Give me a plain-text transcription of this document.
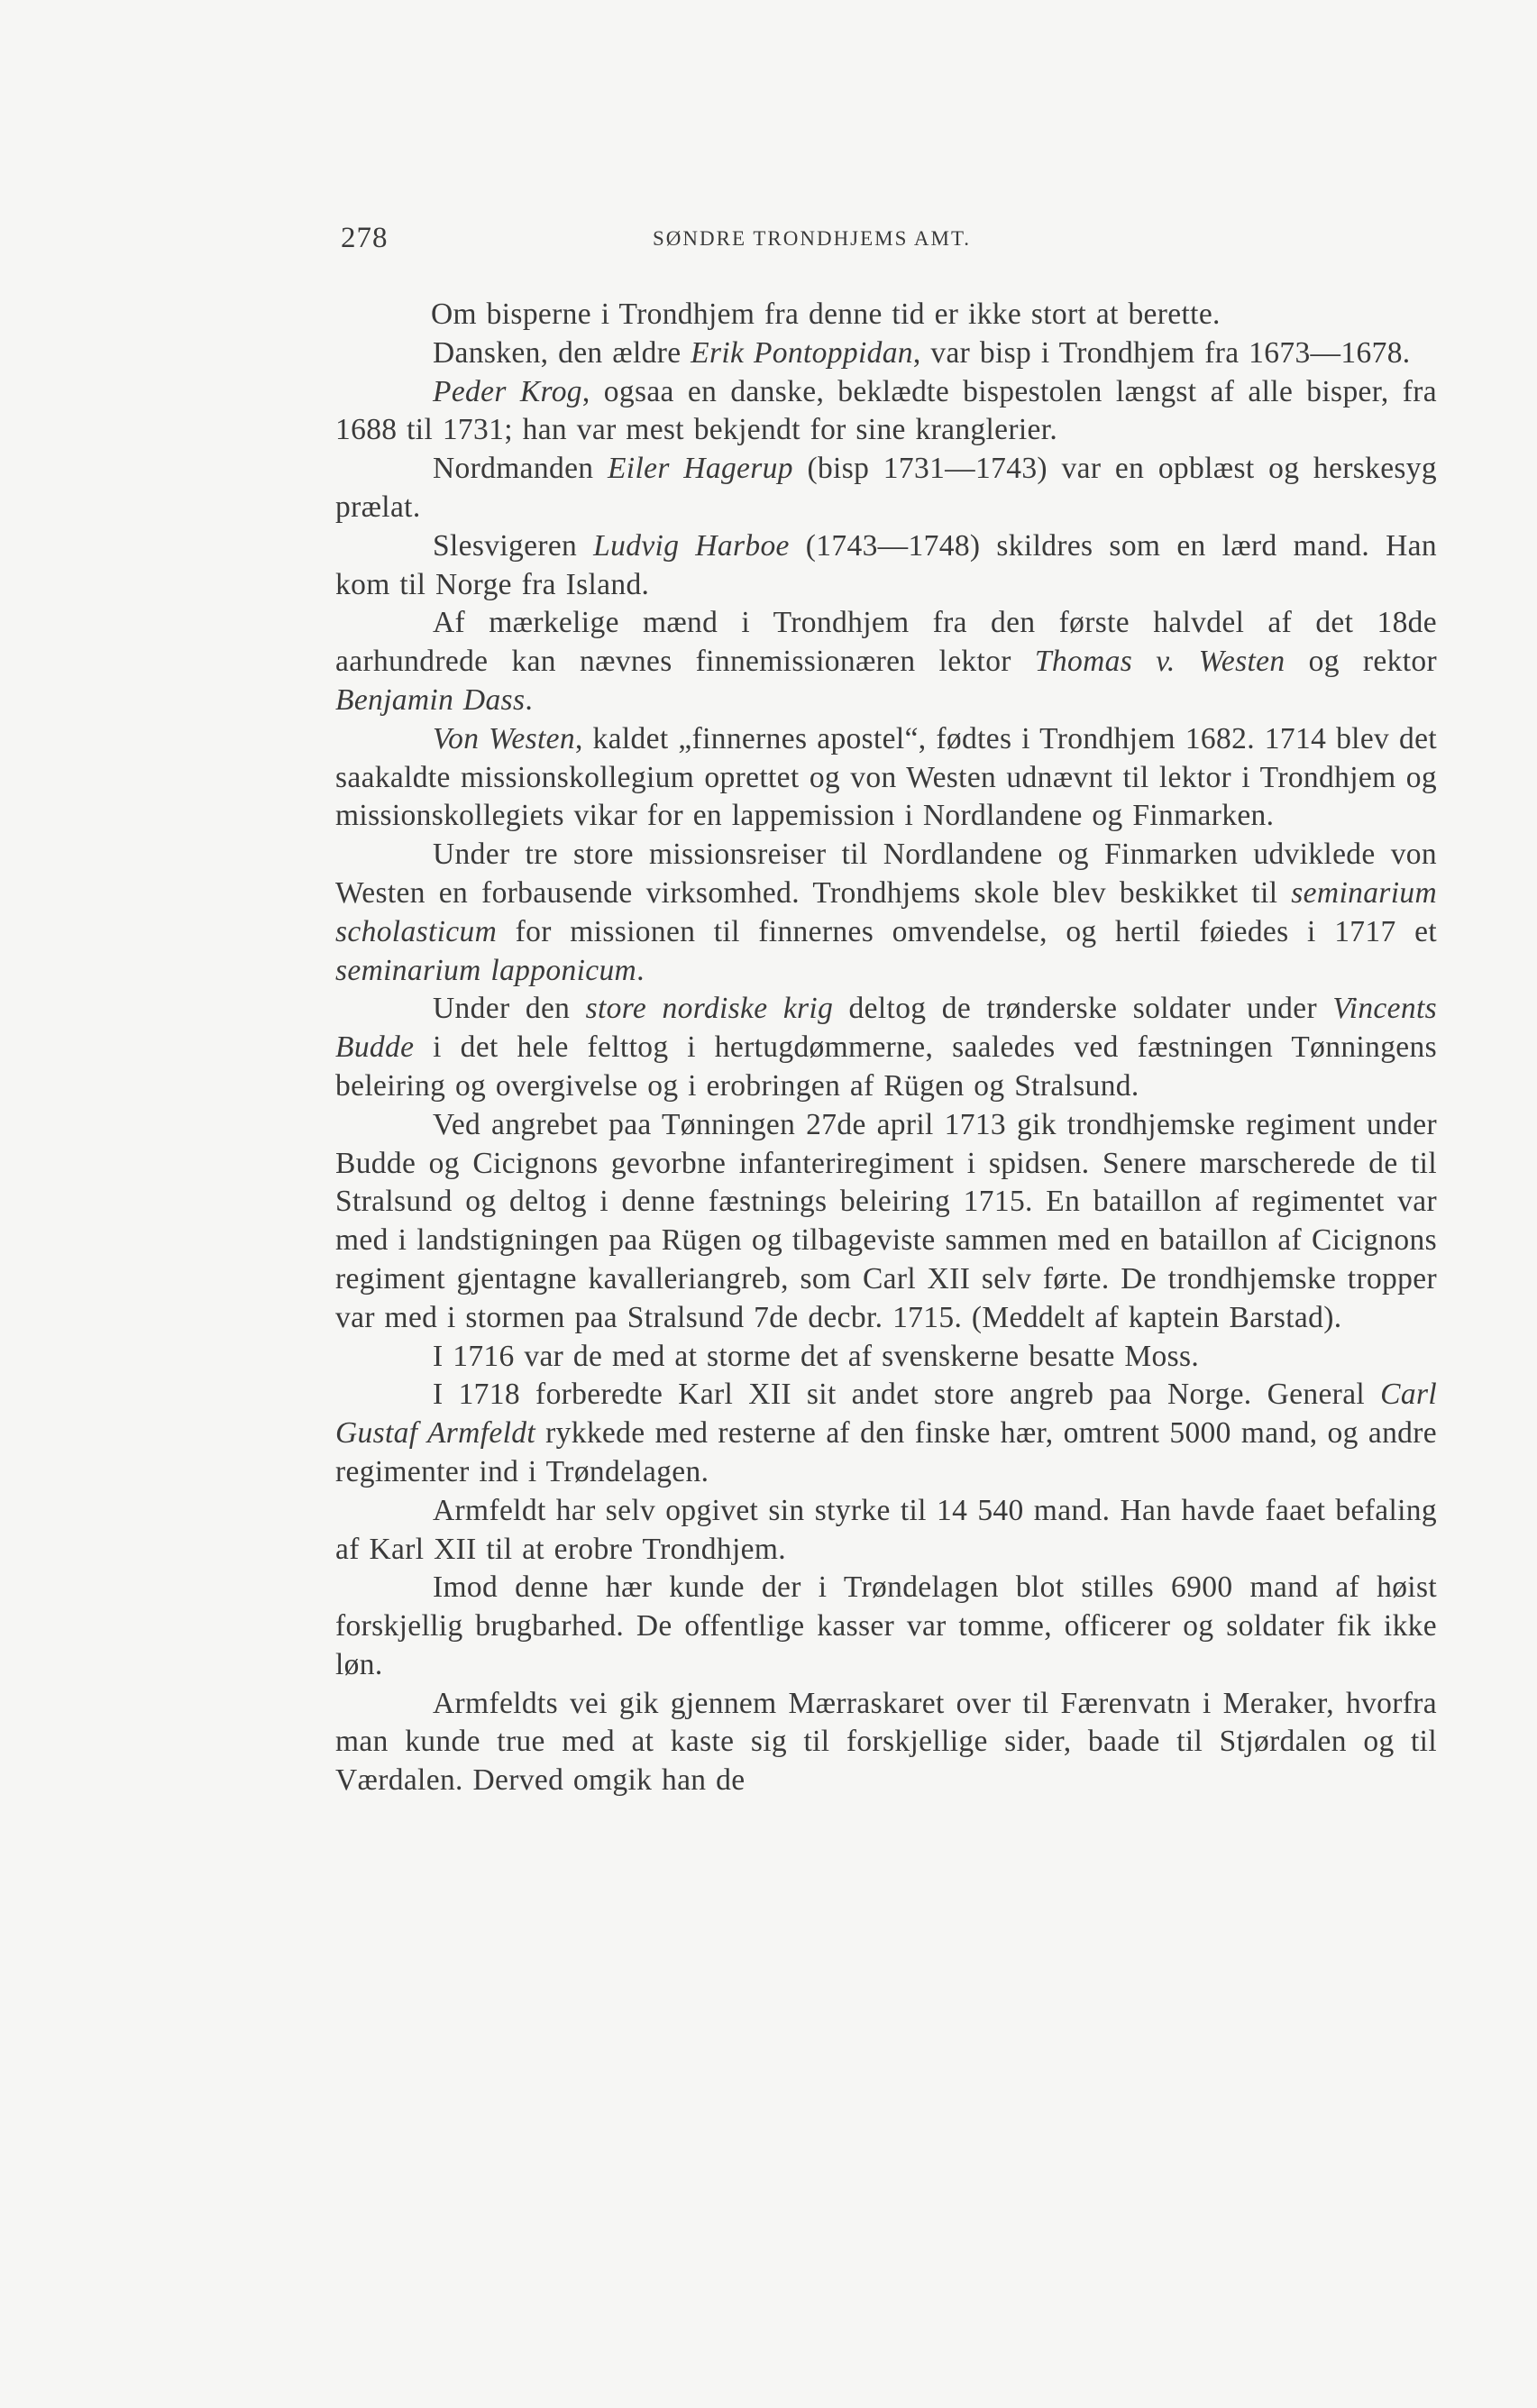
278	SØNDRE TRONDHJEMS AMT.

Om bisperne i Trondhjem fra denne tid er ikke stort at berette.

Dansken, den ældre Erik Pontoppidan, var bisp i Trondhjem fra 1673—1678.

Peder Krog, ogsaa en danske, beklædte bispestolen længst af alle bisper, fra 1688 til 1731; han var mest bekjendt for sine kranglerier.

Nordmanden Eiler Hagerup (bisp 1731—1743) var en opblæst og herskesyg prælat.

Slesvigeren Ludvig Harboe (1743—1748) skildres som en lærd mand. Han kom til Norge fra Island.

Af mærkelige mænd i Trondhjem fra den første halvdel af det 18de aarhundrede kan nævnes finnemissionæren lektor Thomas v. Westen og rektor Benjamin Dass.

Von Westen, kaldet „finnernes apostel“, fødtes i Trondhjem 1682. 1714 blev det saakaldte missionskollegium oprettet og von Westen udnævnt til lektor i Trondhjem og missionskollegiets vikar for en lappemission i Nordlandene og Finmarken.

Under tre store missionsreiser til Nordlandene og Finmarken udviklede von Westen en forbausende virksomhed. Trondhjems skole blev beskikket til seminarium scholasticum for missionen til finnernes omvendelse, og hertil føiedes i 1717 et seminarium lapponicum.

Under den store nordiske krig deltog de trønderske soldater under Vincents Budde i det hele felttog i hertugdømmerne, saaledes ved fæstningen Tønningens beleiring og overgivelse og i erobringen af Rügen og Stralsund.

Ved angrebet paa Tønningen 27de april 1713 gik trondhjemske regiment under Budde og Cicignons gevorbne infanteriregiment i spidsen. Senere marscherede de til Stralsund og deltog i denne fæstnings beleiring 1715. En bataillon af regimentet var med i landstigningen paa Rügen og tilbageviste sammen med en bataillon af Cicignons regiment gjentagne kavalleriangreb, som Carl XII selv førte. De trondhjemske tropper var med i stormen paa Stralsund 7de decbr. 1715. (Meddelt af kaptein Barstad).

I 1716 var de med at storme det af svenskerne besatte Moss.

I 1718 forberedte Karl XII sit andet store angreb paa Norge. General Carl Gustaf Armfeldt rykkede med resterne af den finske hær, omtrent 5000 mand, og andre regimenter ind i Trøndelagen.

Armfeldt har selv opgivet sin styrke til 14 540 mand. Han havde faaet befaling af Karl XII til at erobre Trondhjem.

Imod denne hær kunde der i Trøndelagen blot stilles 6900 mand af høist forskjellig brugbarhed. De offentlige kasser var tomme, officerer og soldater fik ikke løn.

Armfeldts vei gik gjennem Mærraskaret over til Færenvatn i Meraker, hvorfra man kunde true med at kaste sig til forskjellige sider, baade til Stjørdalen og til Værdalen. Derved omgik han de
